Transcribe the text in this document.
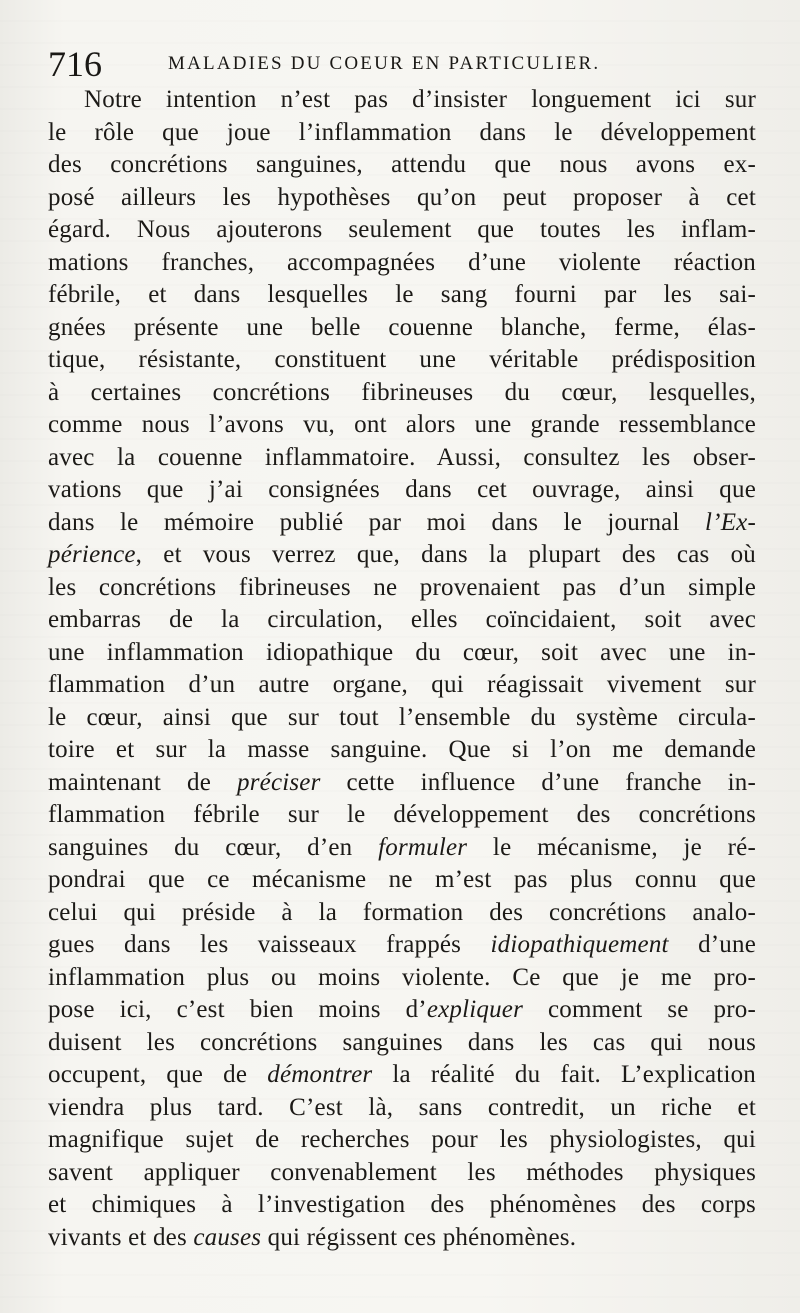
716	MALADIES DU COEUR EN PARTICULIER.
Notre intention n’est pas d’insister longuement ici sur
le rôle que joue l’inflammation dans le développement
des concrétions sanguines, attendu que nous avons ex-
posé ailleurs les hypothèses qu’on peut proposer à cet
égard. Nous ajouterons seulement que toutes les inflam-
mations franches, accompagnées d’une violente réaction
fébrile, et dans lesquelles le sang fourni par les sai-
gnées présente une belle couenne blanche, ferme, élas-
tique, résistante, constituent une véritable prédisposition
à certaines concrétions fibrineuses du cœur, lesquelles,
comme nous l’avons vu, ont alors une grande ressemblance
avec la couenne inflammatoire. Aussi, consultez les obser-
vations que j’ai consignées dans cet ouvrage, ainsi que
dans le mémoire publié par moi dans le journal l’Ex-
périence, et vous verrez que, dans la plupart des cas où
les concrétions fibrineuses ne provenaient pas d’un simple
embarras de la circulation, elles coïncidaient, soit avec
une inflammation idiopathique du cœur, soit avec une in-
flammation d’un autre organe, qui réagissait vivement sur
le cœur, ainsi que sur tout l’ensemble du système circula-
toire et sur la masse sanguine. Que si l’on me demande
maintenant de préciser cette influence d’une franche in-
flammation fébrile sur le développement des concrétions
sanguines du cœur, d’en formuler le mécanisme, je ré-
pondrai que ce mécanisme ne m’est pas plus connu que
celui qui préside à la formation des concrétions analo-
gues dans les vaisseaux frappés idiopathiquement d’une
inflammation plus ou moins violente. Ce que je me pro-
pose ici, c’est bien moins d’expliquer comment se pro-
duisent les concrétions sanguines dans les cas qui nous
occupent, que de démontrer la réalité du fait. L’explication
viendra plus tard. C’est là, sans contredit, un riche et
magnifique sujet de recherches pour les physiologistes, qui
savent appliquer convenablement les méthodes physiques
et chimiques à l’investigation des phénomènes des corps
vivants et des causes qui régissent ces phénomènes.
